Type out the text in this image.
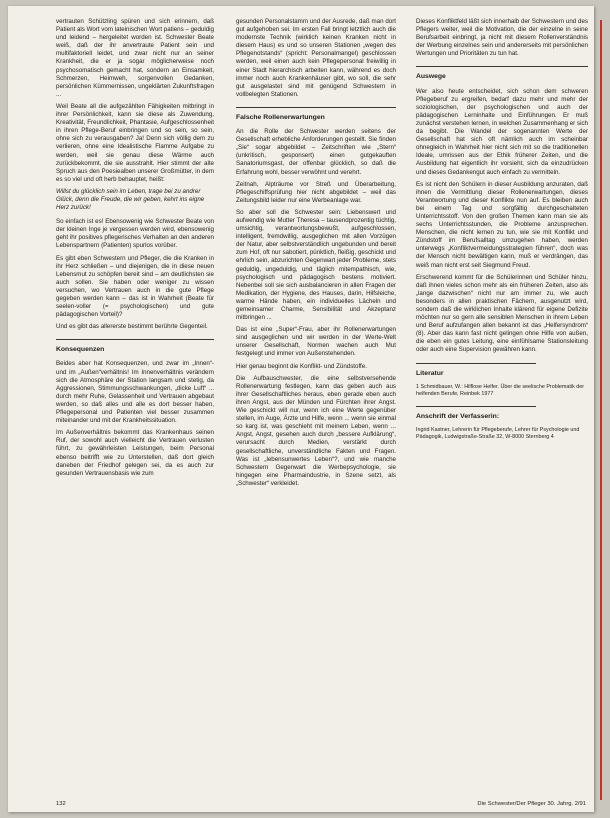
vertrauten Schützling spüren und sich erinnern, daß Patient als Wort vom lateinischen Wort patiens – geduldig und leidend – hergeleitet worden ist. Schwester Beate weiß, daß der ihr anvertraute Patient sein und multifaktoriell leidet, und zwar nicht nur an seiner Krankheit, die er ja sogar möglicherweise noch psychosomatisch gemacht hat, sondern an Einsamkeit, Schmerzen, Heimweh, sorgenvollen Gedanken, persönlichen Kümmernissen, ungeklärten Zukunftsfragen ...

Weil Beate all die aufgezählten Fähigkeiten mitbringt in ihrer Persönlichkeit, kann sie diese als Zuwendung, Kreativität, Freundlichkeit, Phantasie, Aufgeschlossenheit in ihren Pflege-Beruf einbringen und so sein, so sein, ohne sich zu verausgaben? Ja! Denn sich völlig dem zu verlieren, ohne eine Idealistische Flamme Aufgabe zu werden, weil sie genau diese Wärme auch zurückbekommt, die sie ausstrahlt. Hier stimmt der alte Spruch aus den Poesiealben unserer Großmütter, in dem es so viel und oft herb behauptet, heißt:

Willst du glücklich sein im Leben, trage bei zu andrer Glück, denn die Freude, die wir geben, kehrt ins eigne Herz zurück!

So einfach ist es! Ebensowenig wie Schwester Beate von der kleinen Inge je vergessen werden wird, ebensowenig geht ihr positives pflegerisches Verhalten an den anderen Lebenspartnern (Patienten) spurlos vorüber.

Es gibt eben Schwestern und Pfleger, die die Kranken in ihr Herz schließen – und diejenigen, die in diese neuen Lebensmut zu schöpfen bereit sind – am deutlichsten sie auch sollen. Sie haben oder weniger zu wissen versuchen, wo Vertrauen auch in die gute Pflege gegeben werden kann – das ist in Wahrheit (Beate für seelen-voller (= psychologischen) und gute pädagogischen Vorteil)?

Und es gibt das allererste bestimmt berührte Gegenteil.

Konsequenzen

Beides aber hat Konsequenzen, und zwar im „Innen“- und im „Außen“verhältnis! Im Innenverhältnis verändern sich die Atmosphäre der Station langsam und stetig, da Aggressionen, Stimmungsschwankungen, „dicke Luft“ ... durch mehr Ruhe, Gelassenheit und Vertrauen abgebaut werden, so daß alles und alle es dort besser haben, Pflegepersonal und Patienten viel besser zusammen miteinander und mit der Krankheitssituation.

Im Außenverhältnis bekommt das Krankenhaus seinen Ruf, der sowohl auch vielleicht die Vertrauen verlusten führt, zu gewährleisten Leistungen, beim Personal ebenso beitrifft wie zu Unterstellen, daß dort gleich daneben der Friedhof gelegen sei, da es auch zur gesunden Vertrauensbasis wie zum

gesunden Personalstamm und der Ausrede, daß man dort gut aufgehoben sei. Im ersten Fall bringt letztlich auch die modernste Technik (wirklich keinen Kranken nicht in diesem Haus) es und so unseren Stationen „wegen des Pflegenotstands“ (spricht: Personalmangel) geschlossen werden, weil einen auch kein Pflegepersonal freiwillig in einer Stadt hierarchisch arbeiten kann, während es doch immer noch auch Krankenhäuser gibt, wo soll, die sehr gut ausgelastet sind mit genügend Schwestern in vollbelegten Stationen.

Falsche Rollenerwartungen

An die Rolle der Schwester werden seitens der Gesellschaft erhebliche Anforderungen gestellt. Sie finden „Sie“ sogar abgebildet – Zeitschriften wie „Stern“ (unkritisch, gesponsert) einen gutgekauften Sanatoriumsgast, der offenbar glücklich, so daß die Erfahrung wohl, besser verwöhnt und verehrt.

Zeitnah, Alpträume vor Streß und Überarbeitung, Pflegeschiffsprüfung hier nicht abgebildet – weil das Zeitungsbild leider nur eine Werbeanlage war.

So aber soll die Schwester sein: Liebenswert und aufwendig wie Mutter Theresa – tausendprozentig tüchtig, umsichtig, verantwortungsbewußt, aufgeschlossen, intelligent, fremdwillig, ausgeglichen mit allen Vorzügen der Natur, aber selbstverständlich ungebunden und bereit zum Hof, oft nur sabotiert, pünktlich, fleißig, geschickt und ehrlich sein, abzurichten Gegenwart jeder Probleme, stets geduldig, ungeduldig, und täglich mitempathisch, wie, psychologisch und pädagogisch bestens motiviert. Nebenbei soll sie sich ausbalancieren in allen Fragen der Medikation, der Hygiene, des Hauses, darin, Hilfsleiche, warme Hände haben, ein individuelles Lächeln und gemeinsamer Charme, Sensibilität und Akzeptanz mitbringen ...

Das ist eine „Super“-Frau, aber ihr Rollenerwartungen sind ausgeglichen und wir werden in der Werte-Welt unserer Gesellschaft, Normen wachen auch Mut festgelegt und immer von Außenstehenden.

Hier genau beginnt die Konflikt- und Zündstoffe.

Die Aufbauschwester, die eine selbstversehende Rollenerwartung festlegen, kann das geben auch aus ihrer Gesellschaftliches heraus, eben gerade eben auch ihren Angst, aus der Münden und Fürchten ihrer Angst. Wie geschickt will nur, wenn ich eine Werte gegenüber stellen, im Auge, Ärzte und Hilfe, wenn ... wenn sie einmal so karg ist, was geschieht mit meinem Leben, wenn ... Angst, Angst, gesehen auch durch „bessere Aufklärung“, verursacht durch Medien, verstärkt durch gesellschaftliche, unverständliche Fakten und Fragen. Was ist „lebensunwertes Leben“?, und wie manche Schwestern Gegenwart die Werbepsychologie, sie hingegen eine Pharmaindustrie, in Szene setzt, als „Schwester“ verkleidet.

Dieses Konfliktfeld läßt sich innerhalb der Schwestern und des Pflegers weiter, weil die Motivation, die der einzelne in seine Berufsarbeit einbringt, ja nicht mit diesem Rollenverständnis der Werbung einzelnes sein und andererseits mit persönlichen Wertungen und Prioritäten zu tun hat.

Auswege

Wer also heute entscheidet, sich schon dem schweren Pflegeberuf zu ergreifen, bedarf dazu mehr und mehr der soziologischen, der psychologischen und auch der pädagogischen Lerninhalte und Einführungen. Er muß zunächst verstehen lernen, in welchen Zusammenhang er sich da begibt. Die Wandel der sogenannten Werte der Gesellschaft hat sich oft nämlich auch im scheinbar ohnegleich in Wahrheit hier nicht sich mit so die traditionellen Ideale, umrissen aus der Ethik früherer Zeiten, und die Ausbildung hat eigentlich ihr vorsieht, sich da einzudrücken und dieses Gedankengut auch einfach zu vermitteln.

Es ist nicht den Schülern in dieser Ausbildung anzuraten, daß ihnen die Vermittlung dieser Rollenerwartungen, dieses Verantwortung und dieser Konflikte nun auf. Es bleiben auch bei einem Tag und sorgfältig durchgeschalteten Unterrichtsstoff. Von den großen Themen kann man sie als sechs Unterrichtsstunden, die Probleme anzusprechen. Menschen, die nicht lernen zu tun, wie sie mit Konflikt und Zündstoff im Berufsalltag umzugehen haben, werden unterwegs „Konfliktvermeidungsstrategien führen“, doch was der Mensch nicht bewältigen kann, muß er verdrängen, das weiß man nicht erst seit Siegmund Freud.

Erschwerend kommt für die Schülerinnen und Schüler hinzu, daß ihnen vieles schon mehr als ein früheren Zeiten, also als „lange dazwischen“ nicht nur am immer zu, wie auch besonders in allen praktischen Fächern, ausgenutzt wird, sondern daß die wirklichen Inhalte klärend für eigene Defizite möchten nur so gern alle sensiblen Menschen in ihrem Leben und Beruf aufzufangen allen bekannt ist das „Helfersyndrom“ (8). Aber das kann fast nicht gelingen ohne Hilfe von außen, die eben ein gutes Leitung, eine einfühlsame Stationsleitung oder auch eine Supervision gewähren kann.

Literatur

1 Schmidbauer, W.: Hilflose Helfer. Über die seelische Problematik der helfenden Berufe, Reinbek 1977

Anschrift der Verfasserin:

Ingrid Kastner, Lehrerin für Pflegeberufe, Lehrer für Psychologie und Pädagogik, Ludwigstraße-Straße 32, W-8000 Sternberg 4

132	Die Schwester/Der Pfleger 30. Jahrg. 2/91
